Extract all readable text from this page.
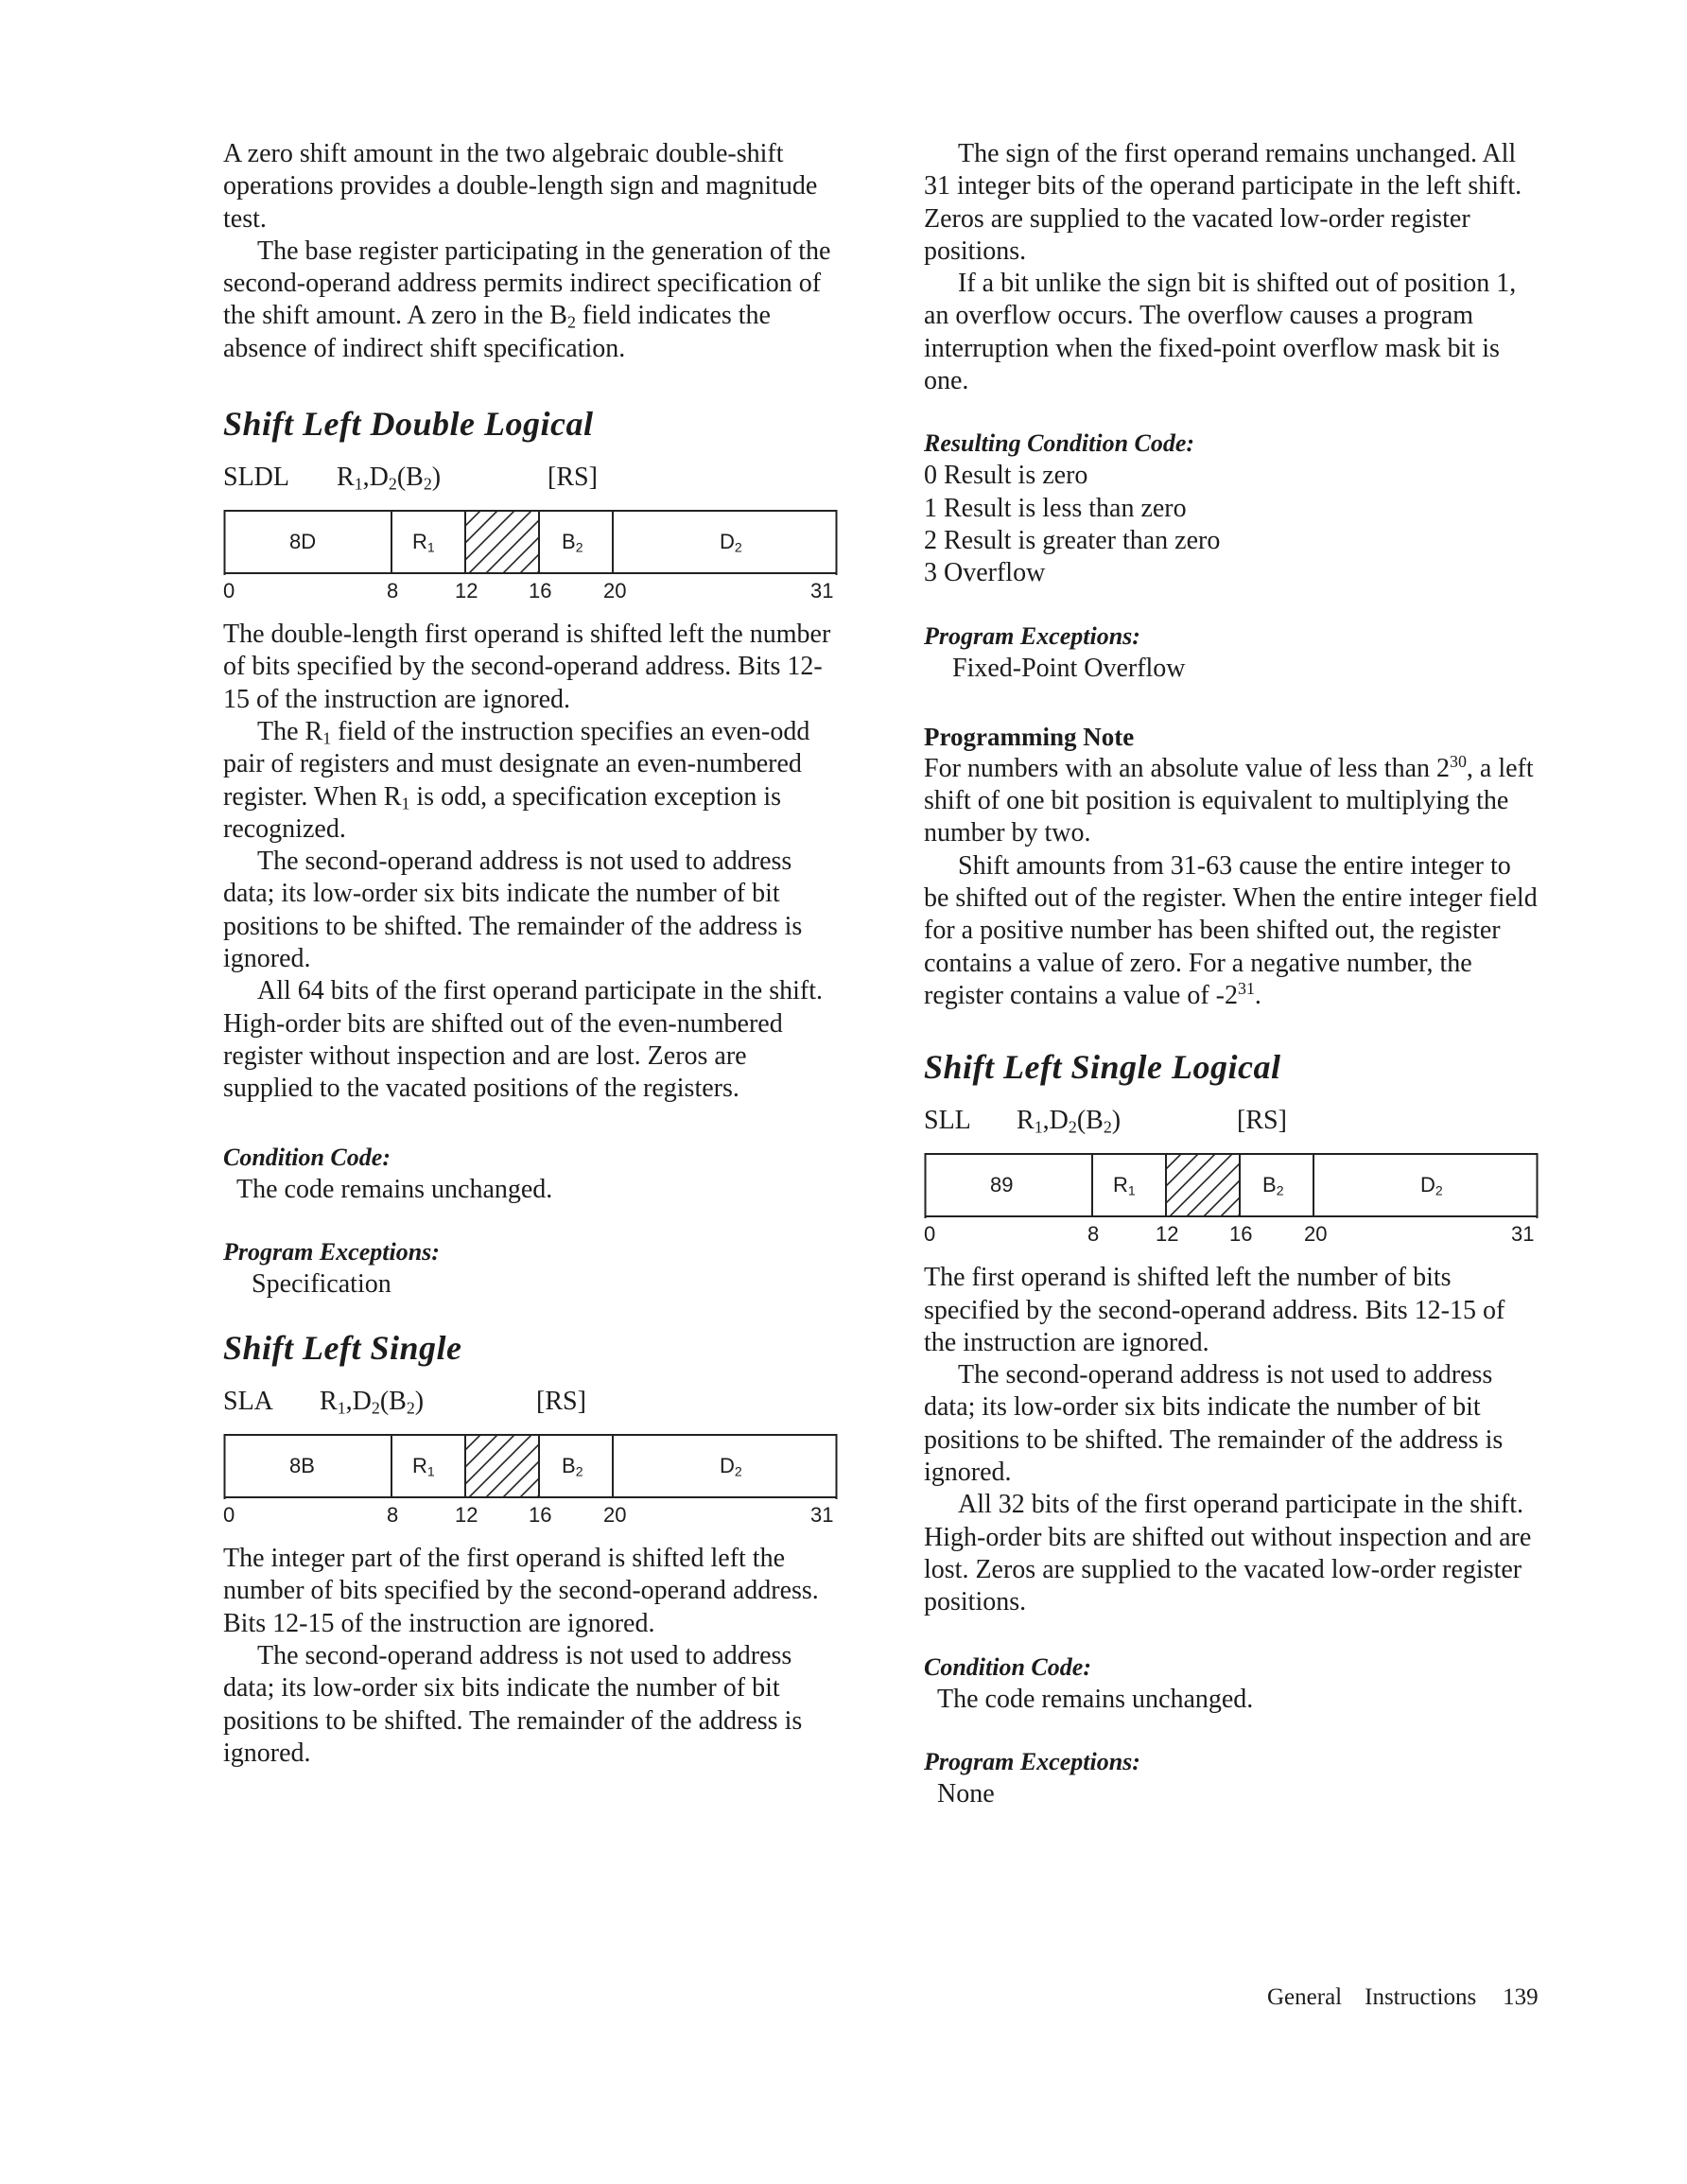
A zero shift amount in the two algebraic double-shift operations provides a double-length sign and magnitude test.

The base register participating in the generation of the second-operand address permits indirect specification of the shift amount. A zero in the $B_2$ field indicates the absence of indirect shift specification.

Shift Left Double Logical
SLDL $R_1,D_2(B_2)$	[RS]
8D	$R_1$	$B_2$	$D_2$
0	8	12 16 20	31

The double-length first operand is shifted left the number of bits specified by the second-operand address. Bits 12-15 of the instruction are ignored.

The $R_1$ field of the instruction specifies an even-odd pair of registers and must designate an even-numbered register. When $R_1$ is odd, a specification exception is recognized.

The second-operand address is not used to address data; its low-order six bits indicate the number of bit positions to be shifted. The remainder of the address is ignored.

All 64 bits of the first operand participate in the shift. High-order bits are shifted out of the even-numbered register without inspection and are lost. Zeros are supplied to the vacated positions of the registers.

Condition Code:
The code remains unchanged.
Program Exceptions:
Specification
Shift Left Single
SLA $R_1,D_2(B_2)$	[RS]
8B	$R_1$	$B_2$	$D_2$
0	8	12 16 20	31

The integer part of the first operand is shifted left the number of bits specified by the second-operand address. Bits 12-15 of the instruction are ignored.

The second-operand address is not used to address data; its low-order six bits indicate the number of bit positions to be shifted. The remainder of the address is ignored.

The sign of the first operand remains unchanged. All 31 integer bits of the operand participate in the left shift. Zeros are supplied to the vacated low-order register positions.

If a bit unlike the sign bit is shifted out of position 1, an overflow occurs. The overflow causes a program interruption when the fixed-point overflow mask bit is one.

Resulting Condition Code:

0 Result is zero

1 Result is less than zero

2 Result is greater than zero

3 Overflow

Program Exceptions:
Fixed-Point Overflow
Programming Note

For numbers with an absolute value of less than $2^{30}$, a left shift of one bit position is equivalent to multiplying the number by two.

Shift amounts from 31-63 cause the entire integer to be shifted out of the register. When the entire integer field for a positive number has been shifted out, the register contains a value of zero. For a negative number, the register contains a value of $-2^{31}$.

Shift Left Single Logical
SLL $R_1,D_2(B_2)$	[RS]
89	$R_1$	$B_2$	$D_2$
0	8	12 16 20	31

The first operand is shifted left the number of bits specified by the second-operand address. Bits 12-15 of the instruction are ignored.

The second-operand address is not used to address data; its low-order six bits indicate the number of bit positions to be shifted. The remainder of the address is ignored.

All 32 bits of the first operand participate in the shift. High-order bits are shifted out without inspection and are lost. Zeros are supplied to the vacated low-order register positions.

Condition Code:
The code remains unchanged.
Program Exceptions:
None
General Instructions 139
